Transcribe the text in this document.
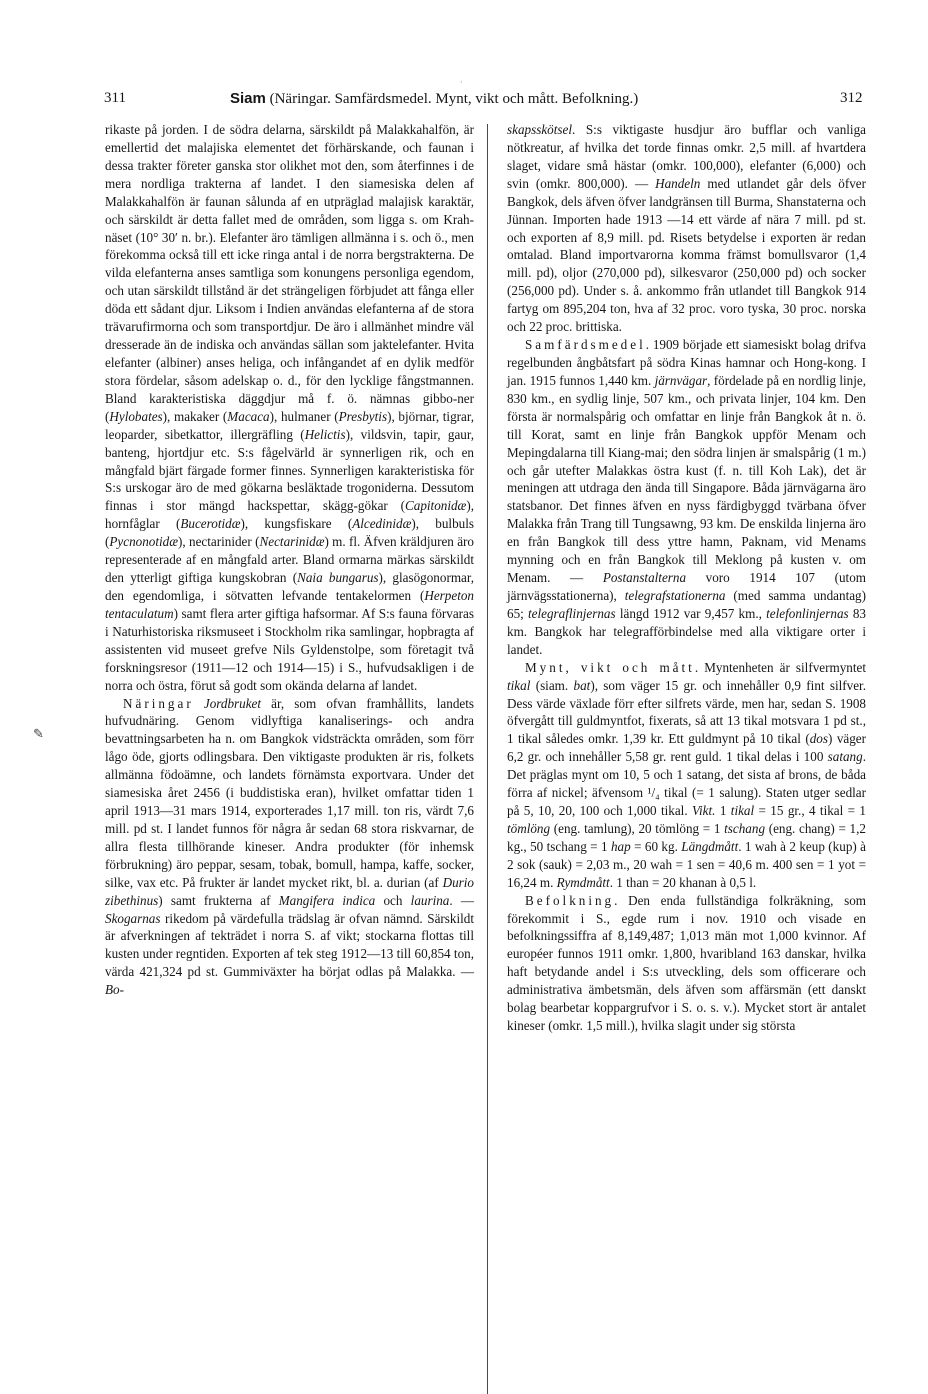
·
311	Siam (Näringar. Samfärdsmedel. Mynt, vikt och mått. Befolkning.)	312
✎

rikaste på jorden. I de södra delarna, särskildt på Malakkahalfön, är emellertid det malajiska elementet det förhärskande, och faunan i dessa trakter företer ganska stor olikhet mot den, som återfinnes i de mera nordliga trakterna af landet. I den siamesiska delen af Malakkahalfön är faunan sålunda af en utpräglad malajisk karaktär, och särskildt är detta fallet med de områden, som ligga s. om Krah-näset (10° 30′ n. br.). Elefanter äro tämligen allmänna i s. och ö., men förekomma också till ett icke ringa antal i de norra bergstrakterna. De vilda elefanterna anses samtliga som konungens personliga egendom, och utan särskildt tillstånd är det strängeligen förbjudet att fånga eller döda ett sådant djur. Liksom i Indien användas elefanterna af de stora trävarufirmorna och som transportdjur. De äro i allmänhet mindre väl dresserade än de indiska och användas sällan som jaktelefanter. Hvita elefanter (albiner) anses heliga, och infångandet af en dylik medför stora fördelar, såsom adelskap o. d., för den lycklige fångstmannen. Bland karakteristiska däggdjur må f. ö. nämnas gibbo-ner (Hylobates), makaker (Macaca), hulmaner (Presbytis), björnar, tigrar, leoparder, sibetkattor, illergräfling (Helictis), vildsvin, tapir, gaur, banteng, hjortdjur etc. S:s fågelvärld är synnerligen rik, och en mångfald bjärt färgade former finnes. Synnerligen karakteristiska för S:s urskogar äro de med gökarna besläktade trogoniderna. Dessutom finnas i stor mängd hackspettar, skägg-gökar (Capitonidæ), hornfåglar (Bucerotidæ), kungsfiskare (Alcedinidæ), bulbuls (Pycnonotidæ), nectarinider (Nectarinidæ) m. fl. Äfven kräldjuren äro representerade af en mångfald arter. Bland ormarna märkas särskildt den ytterligt giftiga kungskobran (Naia bungarus), glasögonormar, den egendomliga, i sötvatten lefvande tentakelormen (Herpeton tentaculatum) samt flera arter giftiga hafsormar. Af S:s fauna förvaras i Naturhistoriska riksmuseet i Stockholm rika samlingar, hopbragta af assistenten vid museet grefve Nils Gyldenstolpe, som företagit två forskningsresor (1911—12 och 1914—15) i S., hufvudsakligen i de norra och östra, förut så godt som okända delarna af landet.

Näringar Jordbruket är, som ofvan framhållits, landets hufvudnäring. Genom vidlyftiga kanaliserings- och andra bevattningsarbeten ha n. om Bangkok vidsträckta områden, som förr lågo öde, gjorts odlingsbara. Den viktigaste produkten är ris, folkets allmänna födoämne, och landets förnämsta exportvara. Under det siamesiska året 2456 (i buddistiska eran), hvilket omfattar tiden 1 april 1913—31 mars 1914, exporterades 1,17 mill. ton ris, värdt 7,6 mill. pd st. I landet funnos för några år sedan 68 stora riskvarnar, de allra flesta tillhörande kineser. Andra produkter (för inhemsk förbrukning) äro peppar, sesam, tobak, bomull, hampa, kaffe, socker, silke, vax etc. På frukter är landet mycket rikt, bl. a. durian (af Durio zibethinus) samt frukterna af Mangifera indica och laurina. — Skogarnas rikedom på värdefulla trädslag är ofvan nämnd. Särskildt är afverkningen af tekträdet i norra S. af vikt; stockarna flottas till kusten under regntiden. Exporten af tek steg 1912—13 till 60,854 ton, värda 421,324 pd st. Gummiväxter ha börjat odlas på Malakka. — Bo-

skapsskötsel. S:s viktigaste husdjur äro bufflar och vanliga nötkreatur, af hvilka det torde finnas omkr. 2,5 mill. af hvartdera slaget, vidare små hästar (omkr. 100,000), elefanter (6,000) och svin (omkr. 800,000). — Handeln med utlandet går dels öfver Bangkok, dels äfven öfver landgränsen till Burma, Shanstaterna och Jünnan. Importen hade 1913 —14 ett värde af nära 7 mill. pd st. och exporten af 8,9 mill. pd. Risets betydelse i exporten är redan omtalad. Bland importvarorna komma främst bomullsvaror (1,4 mill. pd), oljor (270,000 pd), silkesvaror (250,000 pd) och socker (256,000 pd). Under s. å. ankommo från utlandet till Bangkok 914 fartyg om 895,204 ton, hva af 32 proc. voro tyska, 30 proc. norska och 22 proc. brittiska.

Samfärdsmedel. 1909 började ett siamesiskt bolag drifva regelbunden ångbåtsfart på södra Kinas hamnar och Hong-kong. I jan. 1915 funnos 1,440 km. järnvägar, fördelade på en nordlig linje, 830 km., en sydlig linje, 507 km., och privata linjer, 104 km. Den första är normalspårig och omfattar en linje från Bangkok åt n. ö. till Korat, samt en linje från Bangkok uppför Menam och Mepingdalarna till Kiang-mai; den södra linjen är smalspårig (1 m.) och går utefter Malakkas östra kust (f. n. till Koh Lak), det är meningen att utdraga den ända till Singapore. Båda järnvägarna äro statsbanor. Det finnes äfven en nyss färdigbyggd tvärbana öfver Malakka från Trang till Tungsawng, 93 km. De enskilda linjerna äro en från Bangkok till dess yttre hamn, Paknam, vid Menams mynning och en från Bangkok till Meklong på kusten v. om Menam. — Postanstalterna voro 1914 107 (utom järnvägsstationerna), telegrafstationerna (med samma undantag) 65; telegraflinjernas längd 1912 var 9,457 km., telefonlinjernas 83 km. Bangkok har telegrafförbindelse med alla viktigare orter i landet.

Mynt, vikt och mått. Myntenheten är silfvermyntet tikal (siam. bat), som väger 15 gr. och innehåller 0,9 fint silfver. Dess värde växlade förr efter silfrets värde, men har, sedan S. 1908 öfvergått till guldmyntfot, fixerats, så att 13 tikal motsvara 1 pd st., 1 tikal således omkr. 1,39 kr. Ett guldmynt på 10 tikal (dos) väger 6,2 gr. och innehåller 5,58 gr. rent guld. 1 tikal delas i 100 satang. Det präglas mynt om 10, 5 och 1 satang, det sista af brons, de båda förra af nickel; äfvensom ¹/₄ tikal (= 1 salung). Staten utger sedlar på 5, 10, 20, 100 och 1,000 tikal. Vikt. 1 tikal = 15 gr., 4 tikal = 1 tömlöng (eng. tamlung), 20 tömlöng = 1 tschang (eng. chang) = 1,2 kg., 50 tschang = 1 hap = 60 kg. Längdmått. 1 wah à 2 keup (kup) à 2 sok (sauk) = 2,03 m., 20 wah = 1 sen = 40,6 m. 400 sen = 1 yot = 16,24 m. Rymdmått. 1 than = 20 khanan à 0,5 l.

Befolkning. Den enda fullständiga folkräkning, som förekommit i S., egde rum i nov. 1910 och visade en befolkningssiffra af 8,149,487; 1,013 män mot 1,000 kvinnor. Af européer funnos 1911 omkr. 1,800, hvaribland 163 danskar, hvilka haft betydande andel i S:s utveckling, dels som officerare och administrativa ämbetsmän, dels äfven som affärsmän (ett danskt bolag bearbetar koppargrufvor i S. o. s. v.). Mycket stort är antalet kineser (omkr. 1,5 mill.), hvilka slagit under sig största
